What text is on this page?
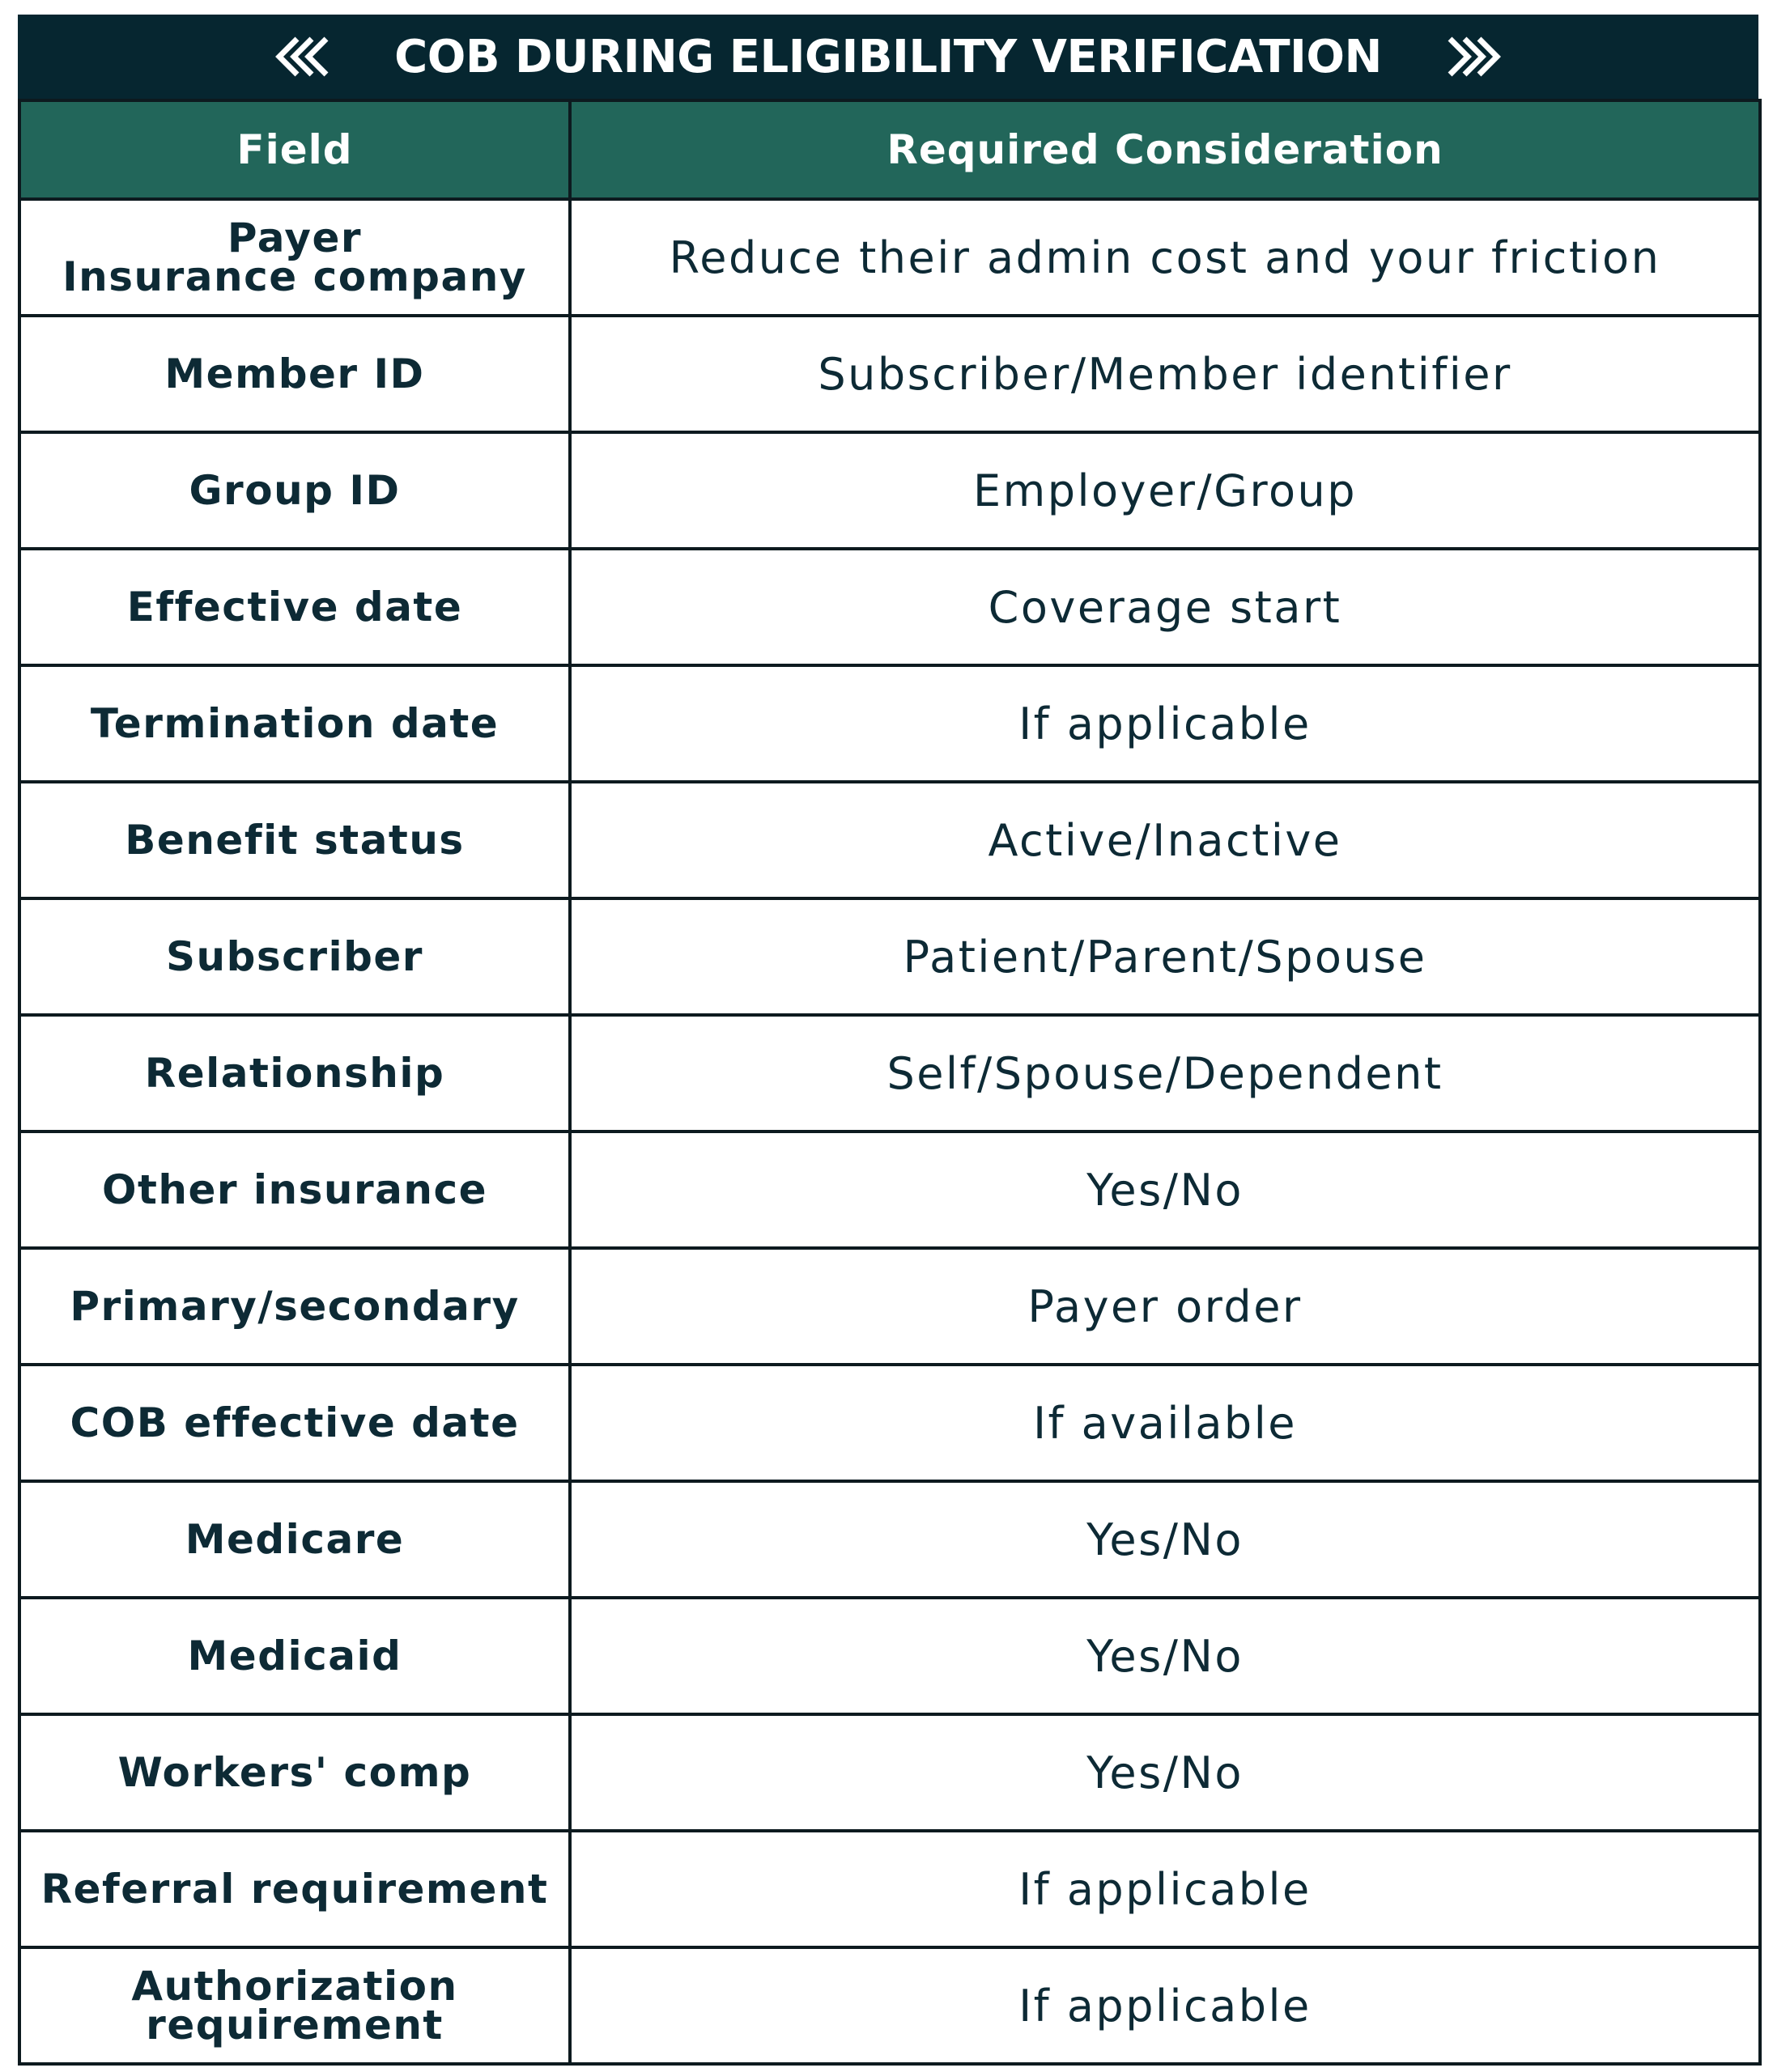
COB DURING ELIGIBILITY VERIFICATION
Field	Required Consideration
Payer
Insurance company	Reduce their admin cost and your friction
Member ID	Subscriber/Member identifier
Group ID	Employer/Group
Effective date	Coverage start
Termination date	If applicable
Benefit status	Active/Inactive
Subscriber	Patient/Parent/Spouse
Relationship	Self/Spouse/Dependent
Other insurance	Yes/No
Primary/secondary	Payer order
COB effective date	If available
Medicare	Yes/No
Medicaid	Yes/No
Workers' comp	Yes/No
Referral requirement	If applicable
Authorization
requirement	If applicable
